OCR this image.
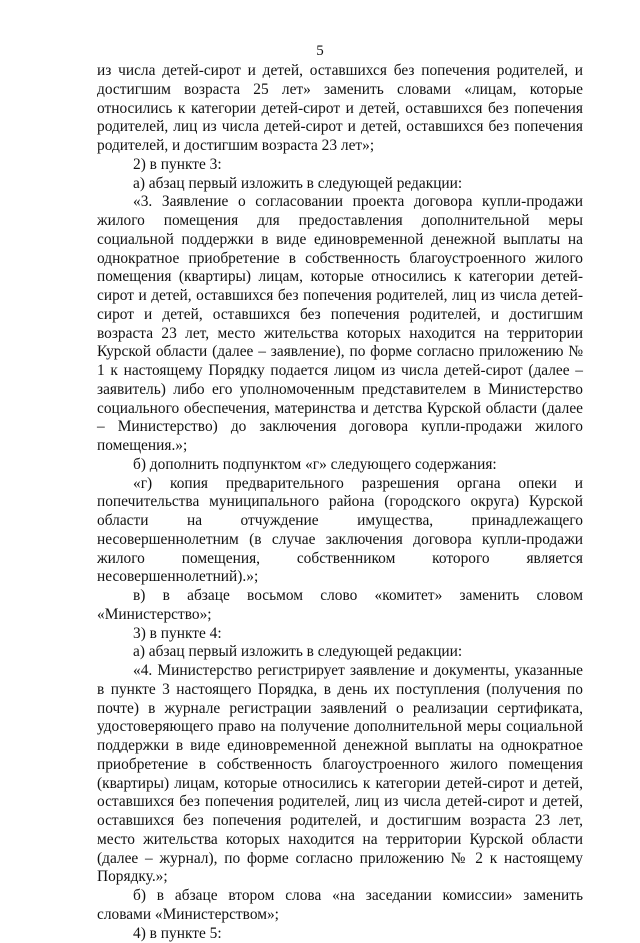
5

из числа детей-сирот и детей, оставшихся без попечения родителей, и достигшим возраста 25 лет» заменить словами «лицам, которые относились к категории детей-сирот и детей, оставшихся без попечения родителей, лиц из числа детей-сирот и детей, оставшихся без попечения родителей, и достигшим возраста 23 лет»;

2) в пункте 3:

а) абзац первый изложить в следующей редакции:

«3. Заявление о согласовании проекта договора купли-продажи жилого помещения для предоставления дополнительной меры социальной поддержки в виде единовременной денежной выплаты на однократное приобретение в собственность благоустроенного жилого помещения (квартиры) лицам, которые относились к категории детей-сирот и детей, оставшихся без попечения родителей, лиц из числа детей-сирот и детей, оставшихся без попечения родителей, и достигшим возраста 23 лет, место жительства которых находится на территории Курской области (далее – заявление), по форме согласно приложению № 1 к настоящему Порядку подается лицом из числа детей-сирот (далее – заявитель) либо его уполномоченным представителем в Министерство социального обеспечения, материнства и детства Курской области (далее – Министерство) до заключения договора купли-продажи жилого помещения.»;

б) дополнить подпунктом «г» следующего содержания:

«г) копия предварительного разрешения органа опеки и попечительства муниципального района (городского округа) Курской области на отчуждение имущества, принадлежащего несовершеннолетним (в случае заключения договора купли-продажи жилого помещения, собственником которого является несовершеннолетний).»;

в) в абзаце восьмом слово «комитет» заменить словом «Министерство»;

3) в пункте 4:

а) абзац первый изложить в следующей редакции:

«4. Министерство регистрирует заявление и документы, указанные в пункте 3 настоящего Порядка, в день их поступления (получения по почте) в журнале регистрации заявлений о реализации сертификата, удостоверяющего право на получение дополнительной меры социальной поддержки в виде единовременной денежной выплаты на однократное приобретение в собственность благоустроенного жилого помещения (квартиры) лицам, которые относились к категории детей-сирот и детей, оставшихся без попечения родителей, лиц из числа детей-сирот и детей, оставшихся без попечения родителей, и достигшим возраста 23 лет, место жительства которых находится на территории Курской области (далее – журнал), по форме согласно приложению № 2 к настоящему Порядку.»;

б) в абзаце втором слова «на заседании комиссии» заменить словами «Министерством»;

4) в пункте 5:
